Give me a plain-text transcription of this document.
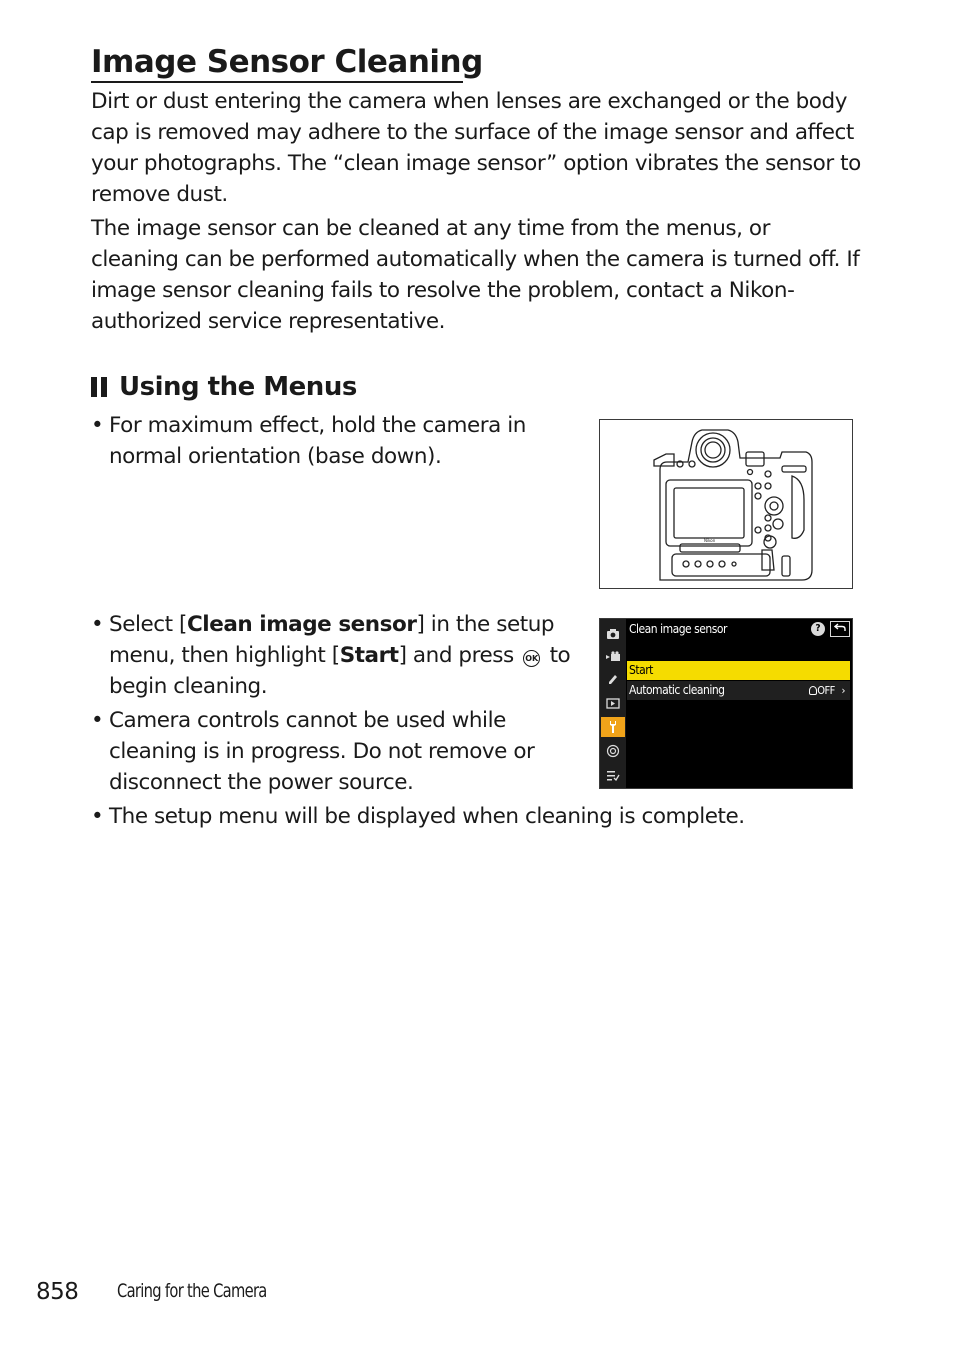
Image Sensor Cleaning

Dirt or dust entering the camera when lenses are exchanged or the body cap is removed may adhere to the surface of the image sensor and affect your photographs. The “clean image sensor” option vibrates the sensor to remove dust.

The image sensor can be cleaned at any time from the menus, or cleaning can be performed automatically when the camera is turned off. If image sensor cleaning fails to resolve the problem, contact a Nikon-authorized service representative.

Using the Menus
• For maximum effect, hold the camera in normal orientation (base down).
Nikon
• Select [Clean image sensor] in the setup menu, then highlight [Start] and press OK to begin cleaning.
• Camera controls cannot be used while cleaning is in progress. Do not remove or disconnect the power source.
Clean image sensor	?
Start
Automatic cleaning	OFF ›
• The setup menu will be displayed when cleaning is complete.
858 Caring for the Camera
